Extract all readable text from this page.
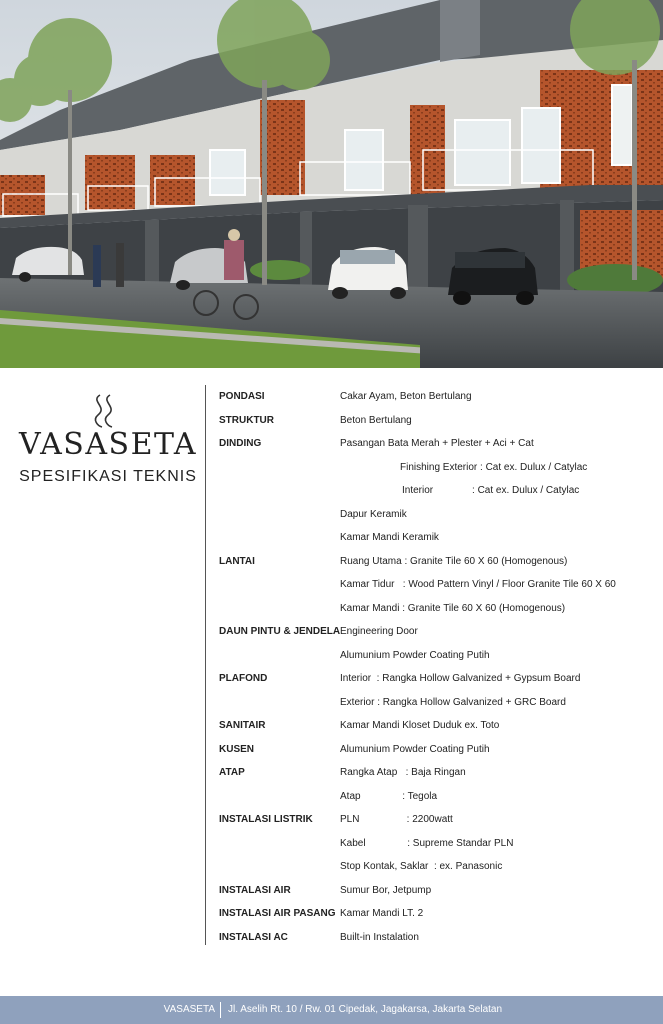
VASASETA
SPESIFIKASI TEKNIS
PONDASI	Cakar Ayam, Beton Bertulang
STRUKTUR	Beton Bertulang
DINDING	Pasangan Bata Merah + Plester + Aci + Cat
Finishing Exterior : Cat ex. Dulux / Catylac
Interior              : Cat ex. Dulux / Catylac
Dapur Keramik
Kamar Mandi Keramik
LANTAI	Ruang Utama : Granite Tile 60 X 60 (Homogenous)
Kamar Tidur   : Wood Pattern Vinyl / Floor Granite Tile 60 X 60
Kamar Mandi : Granite Tile 60 X 60 (Homogenous)
DAUN PINTU & JENDELA Engineering Door
Alumunium Powder Coating Putih
PLAFOND	Interior  : Rangka Hollow Galvanized + Gypsum Board
Exterior : Rangka Hollow Galvanized + GRC Board
SANITAIR	Kamar Mandi Kloset Duduk ex. Toto
KUSEN	Alumunium Powder Coating Putih
ATAP	Rangka Atap   : Baja Ringan
Atap               : Tegola
INSTALASI LISTRIK	PLN                 : 2200watt
Kabel               : Supreme Standar PLN
Stop Kontak, Saklar  : ex. Panasonic
INSTALASI AIR	Sumur Bor, Jetpump
INSTALASI AIR PASANG Kamar Mandi LT. 2
INSTALASI AC	Built-in Instalation
VASASETA Jl. Aselih Rt. 10 / Rw. 01 Cipedak, Jagakarsa, Jakarta Selatan
